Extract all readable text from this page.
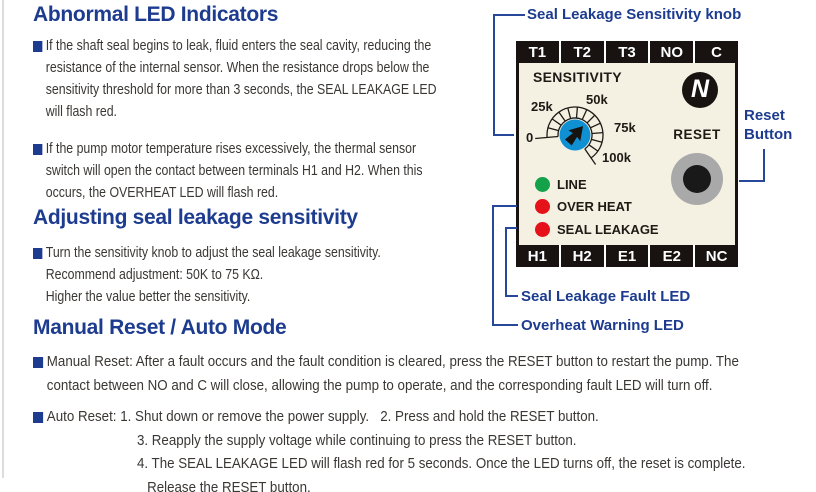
Abnormal LED Indicators
If the shaft seal begins to leak, fluid enters the seal cavity, reducing the
resistance of the internal sensor. When the resistance drops below the
sensitivity threshold for more than 3 seconds, the SEAL LEAKAGE LED
will flash red.
If the pump motor temperature rises excessively, the thermal sensor
switch will open the contact between terminals H1 and H2. When this
occurs, the OVERHEAT LED will flash red.
Adjusting seal leakage sensitivity
Turn the sensitivity knob to adjust the seal leakage sensitivity.
Recommend adjustment: 50K to 75 KΩ.
Higher the value better the sensitivity.
Manual Reset / Auto Mode
Manual Reset: After a fault occurs and the fault condition is cleared, press the RESET button to restart the pump. The
contact between NO and C will close, allowing the pump to operate, and the corresponding fault LED will turn off.
Auto Reset: 1. Shut down or remove the power supply.   2. Press and hold the RESET button.
3. Reapply the supply voltage while continuing to press the RESET button.
4. The SEAL LEAKAGE LED will flash red for 5 seconds. Once the LED turns off, the reset is complete.
Release the RESET button.
T1	T2	T3	NO	C
SENSITIVITY	N
0
25k	50k
75k
100k
RESET
LINE
OVER HEAT
SEAL LEAKAGE
H1	H2	E1	E2	NC
Seal Leakage Sensitivity knob
Reset
Button
Seal Leakage Fault LED
Overheat Warning LED
